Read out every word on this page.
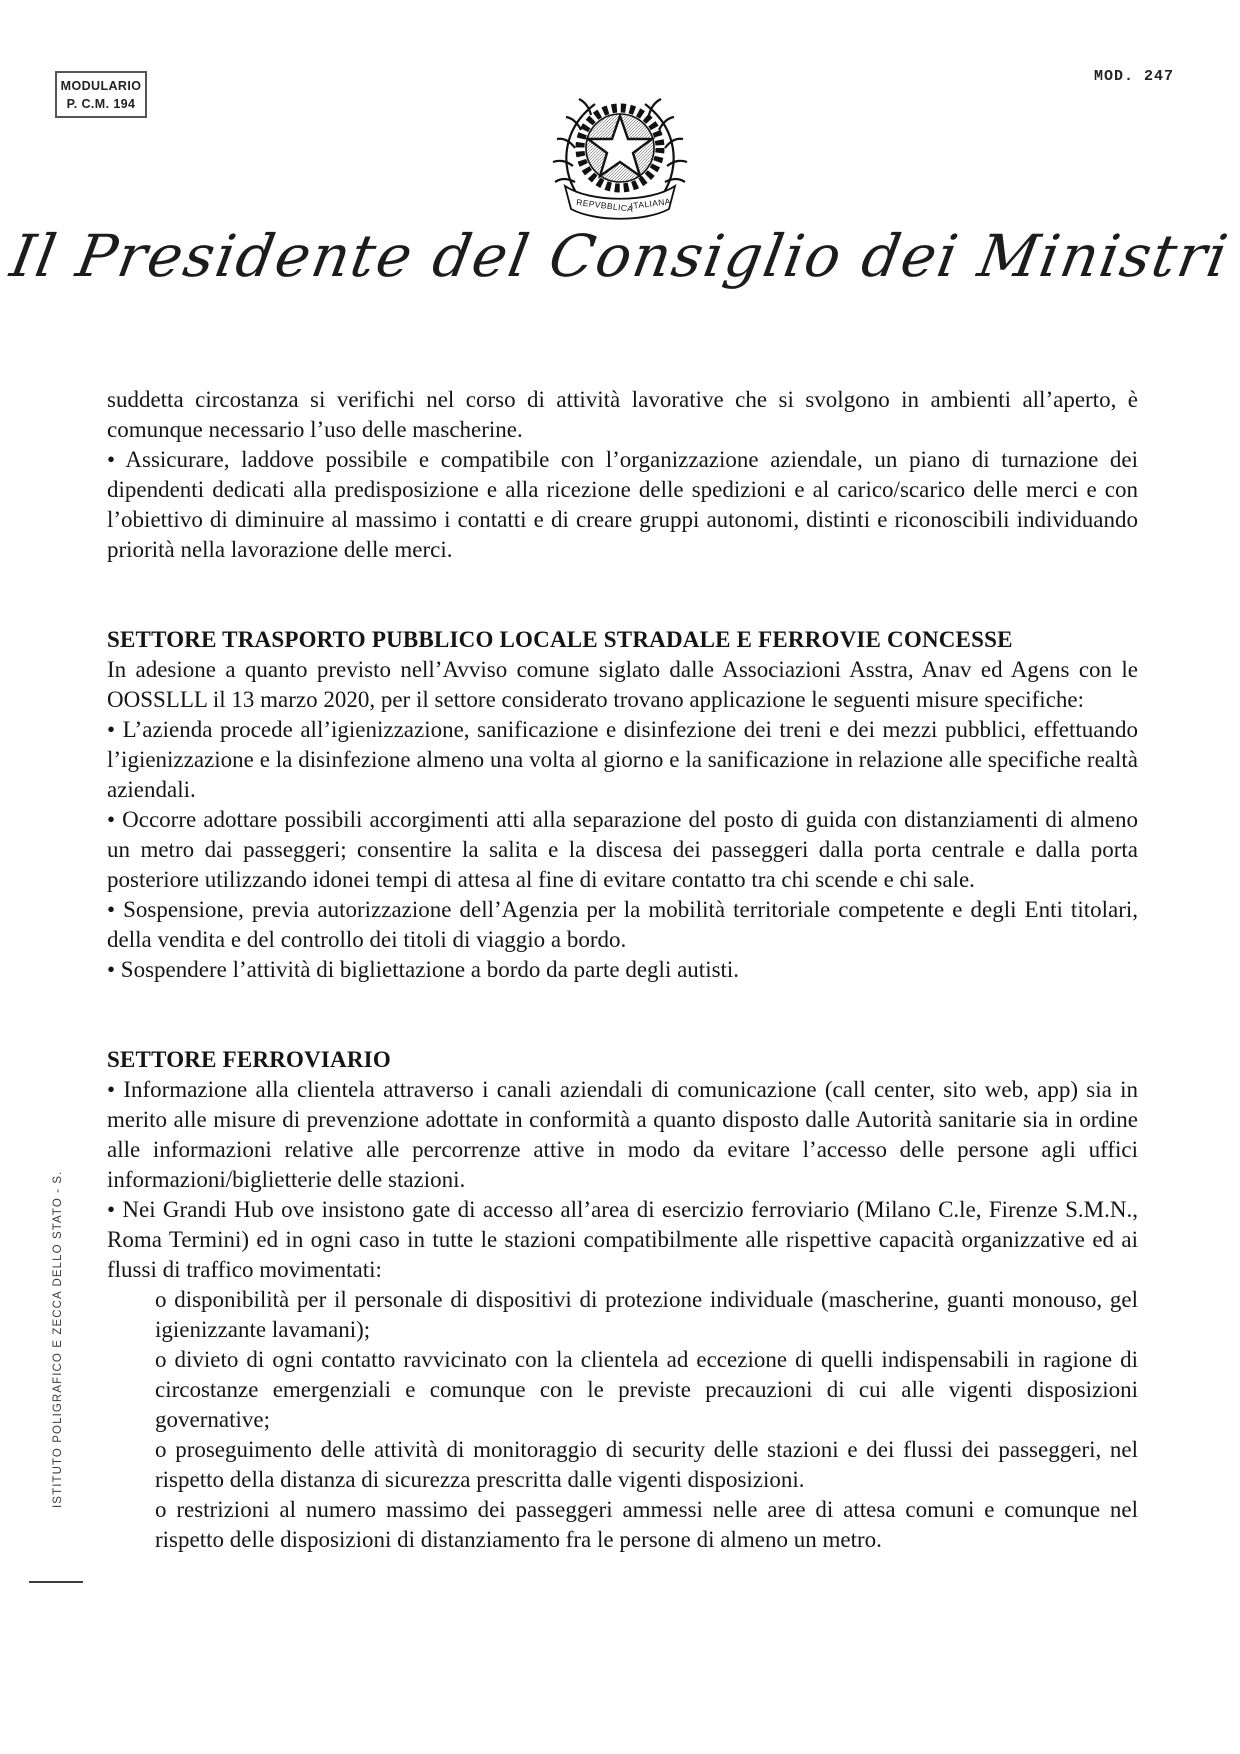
MODULARIO
P. C.M. 194
MOD. 247
REPVBBLICA
ITALIANA
Il Presidente del Consiglio dei Ministri

suddetta circostanza si verifichi nel corso di attività lavorative che si svolgono in ambienti all’aperto, è comunque necessario l’uso delle mascherine.

• Assicurare, laddove possibile e compatibile con l’organizzazione aziendale, un piano di turnazione dei dipendenti dedicati alla predisposizione e alla ricezione delle spedizioni e al carico/scarico delle merci e con l’obiettivo di diminuire al massimo i contatti e di creare gruppi autonomi, distinti e riconoscibili individuando priorità nella lavorazione delle merci.

SETTORE TRASPORTO PUBBLICO LOCALE STRADALE E FERROVIE CONCESSE

In adesione a quanto previsto nell’Avviso comune siglato dalle Associazioni Asstra, Anav ed Agens con le OOSSLLL il 13 marzo 2020, per il settore considerato trovano applicazione le seguenti misure specifiche:

• L’azienda procede all’igienizzazione, sanificazione e disinfezione dei treni e dei mezzi pubblici, effettuando l’igienizzazione e la disinfezione almeno una volta al giorno e la sanificazione in relazione alle specifiche realtà aziendali.

• Occorre adottare possibili accorgimenti atti alla separazione del posto di guida con distanziamenti di almeno un metro dai passeggeri; consentire la salita e la discesa dei passeggeri dalla porta centrale e dalla porta posteriore utilizzando idonei tempi di attesa al fine di evitare contatto tra chi scende e chi sale.

• Sospensione, previa autorizzazione dell’Agenzia per la mobilità territoriale competente e degli Enti titolari, della vendita e del controllo dei titoli di viaggio a bordo.

• Sospendere l’attività di bigliettazione a bordo da parte degli autisti.

SETTORE FERROVIARIO

• Informazione alla clientela attraverso i canali aziendali di comunicazione (call center, sito web, app) sia in merito alle misure di prevenzione adottate in conformità a quanto disposto dalle Autorità sanitarie sia in ordine alle informazioni relative alle percorrenze attive in modo da evitare l’accesso delle persone agli uffici informazioni/biglietterie delle stazioni.

• Nei Grandi Hub ove insistono gate di accesso all’area di esercizio ferroviario (Milano C.le, Firenze S.M.N., Roma Termini) ed in ogni caso in tutte le stazioni compatibilmente alle rispettive capacità organizzative ed ai flussi di traffico movimentati:

o disponibilità per il personale di dispositivi di protezione individuale (mascherine, guanti monouso, gel igienizzante lavamani);

o divieto di ogni contatto ravvicinato con la clientela ad eccezione di quelli indispensabili in ragione di circostanze emergenziali e comunque con le previste precauzioni di cui alle vigenti disposizioni governative;

o proseguimento delle attività di monitoraggio di security delle stazioni e dei flussi dei passeggeri, nel rispetto della distanza di sicurezza prescritta dalle vigenti disposizioni.

o restrizioni al numero massimo dei passeggeri ammessi nelle aree di attesa comuni e comunque nel rispetto delle disposizioni di distanziamento fra le persone di almeno un metro.

ISTITUTO POLIGRAFICO E ZECCA DELLO STATO - S.
